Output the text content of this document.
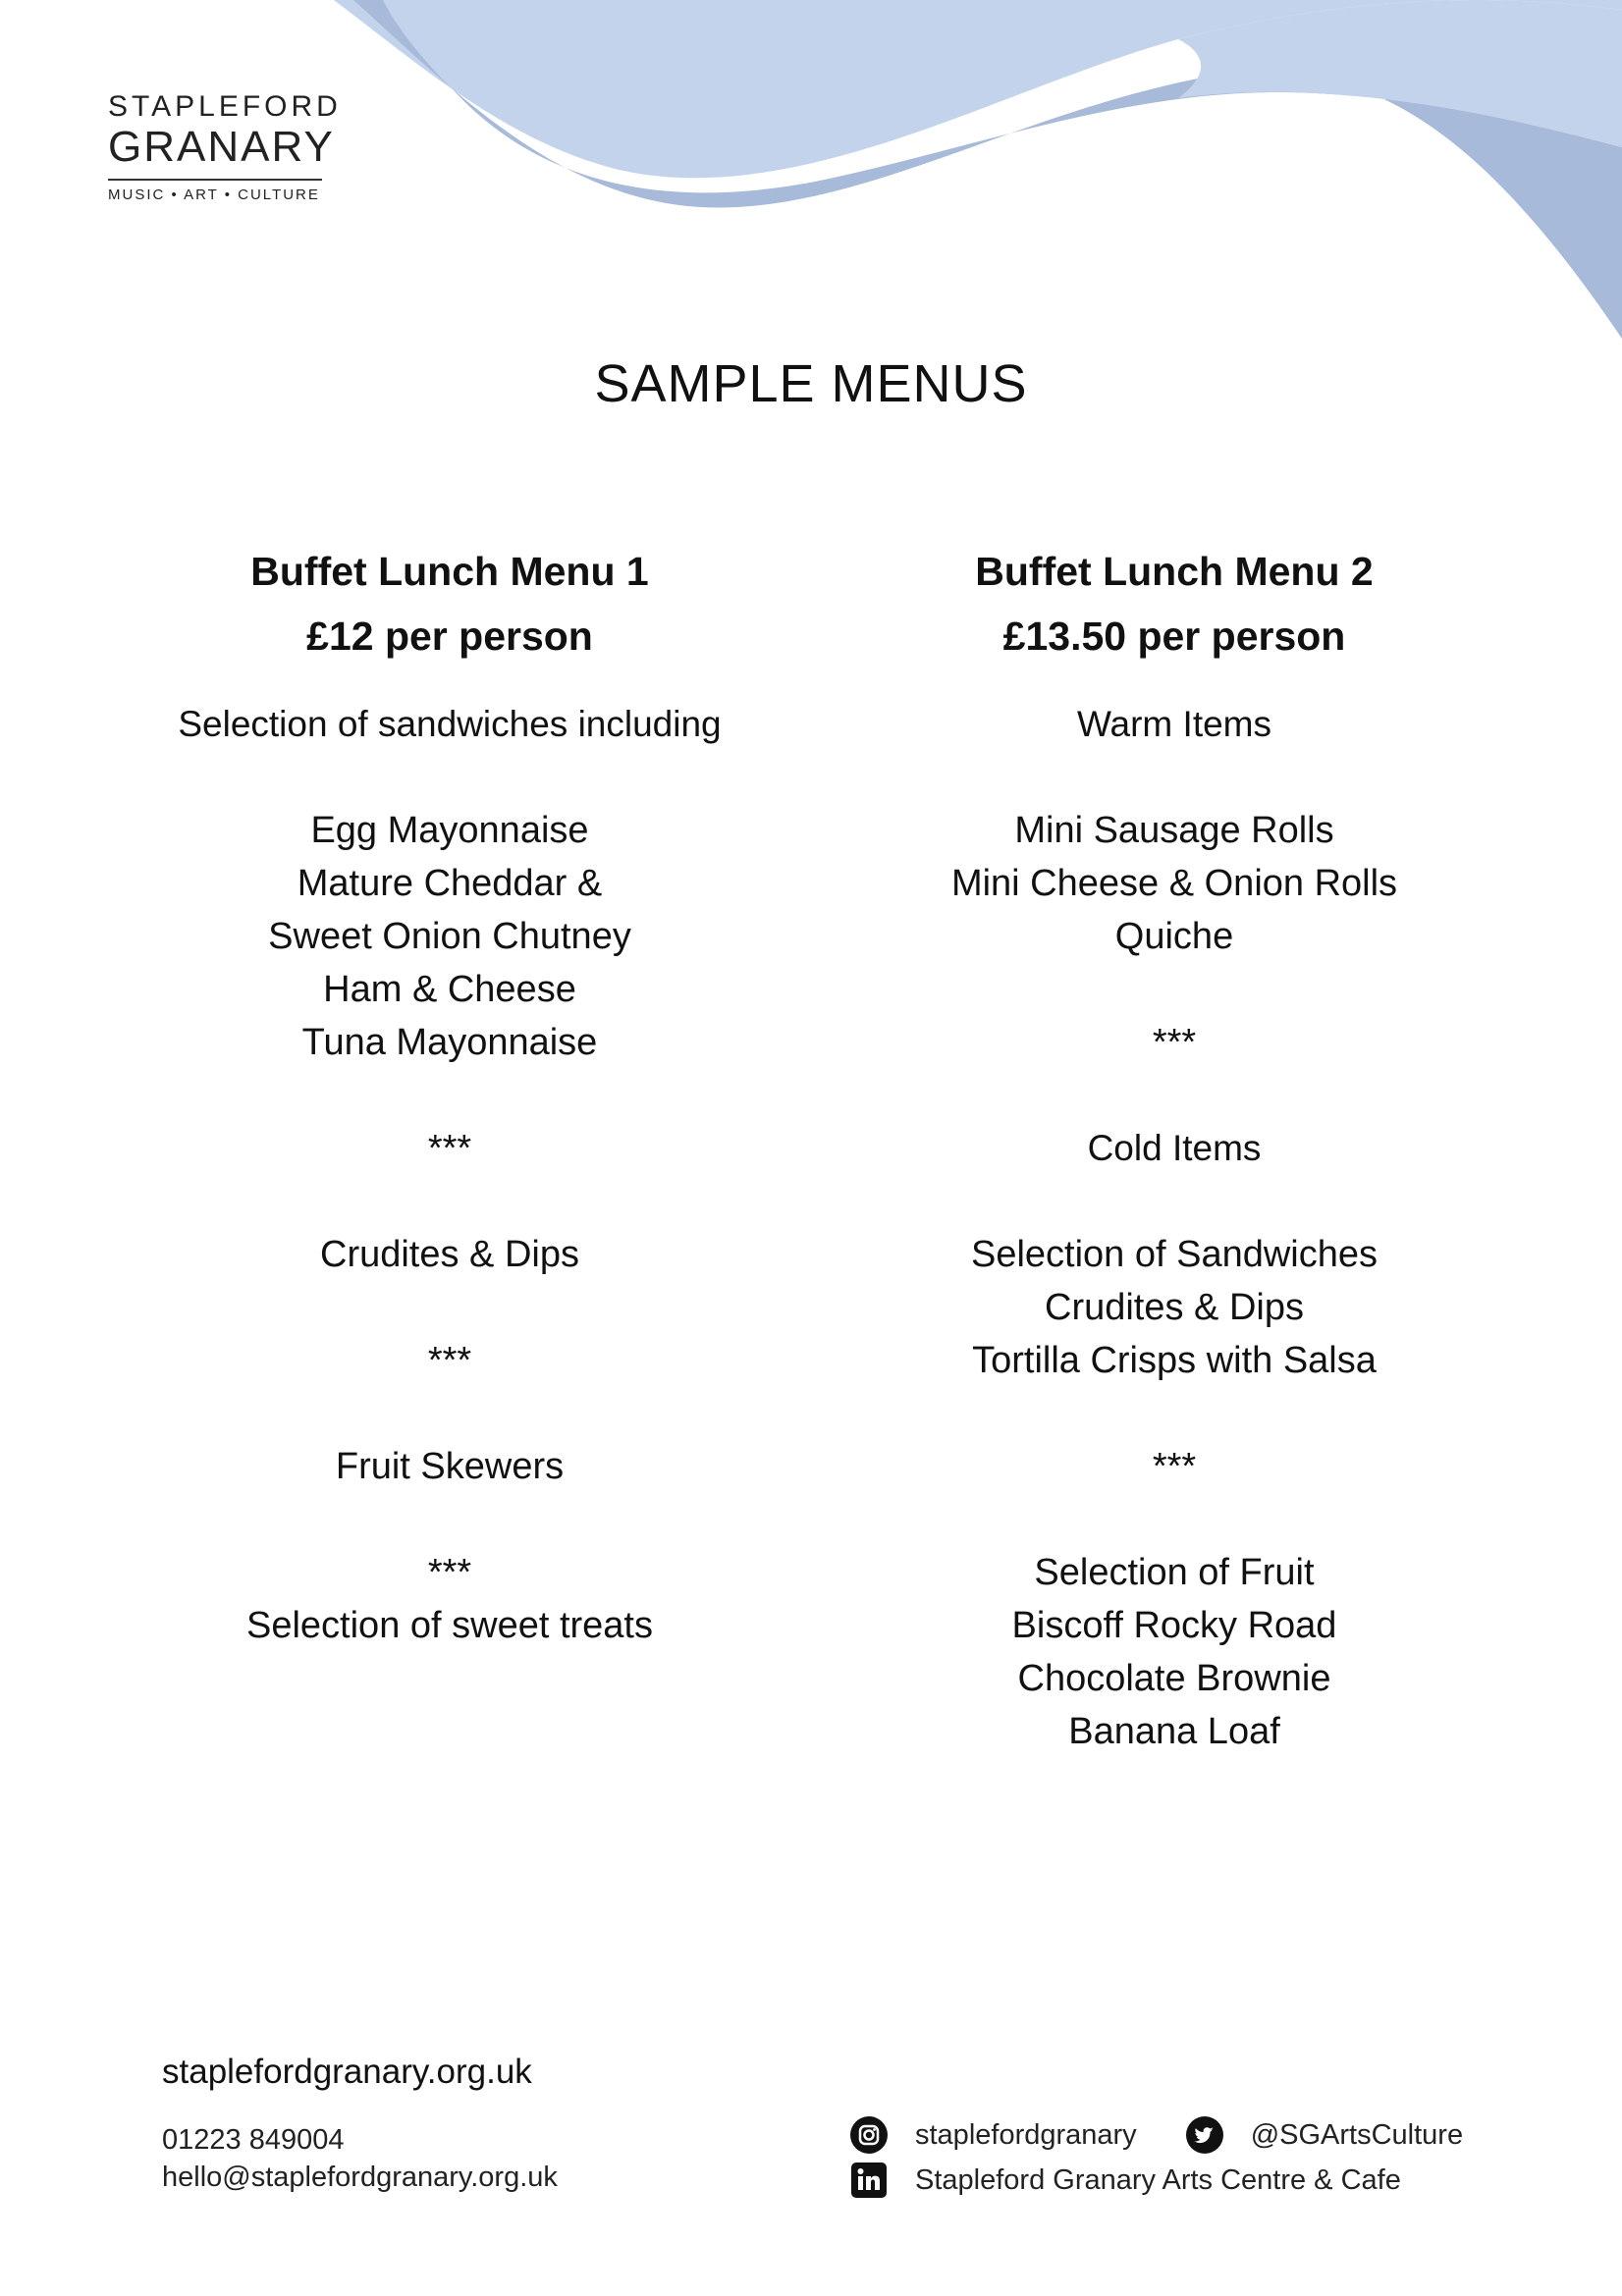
STAPLEFORD
GRANARY
MUSIC • ART • CULTURE
SAMPLE MENUS
Buffet Lunch Menu 1
£12 per person
Selection of sandwiches including
Egg Mayonnaise
Mature Cheddar &
Sweet Onion Chutney
Ham & Cheese
Tuna Mayonnaise
***
Crudites & Dips
***
Fruit Skewers
***
Selection of sweet treats
Buffet Lunch Menu 2
£13.50 per person
Warm Items
Mini Sausage Rolls
Mini Cheese & Onion Rolls
Quiche
***
Cold Items
Selection of Sandwiches
Crudites & Dips
Tortilla Crisps with Salsa
***
Selection of Fruit
Biscoff Rocky Road
Chocolate Brownie
Banana Loaf
staplefordgranary.org.uk
01223 849004
hello@staplefordgranary.org.uk
staplefordgranary	@SGArtsCulture
Stapleford Granary Arts Centre & Cafe
